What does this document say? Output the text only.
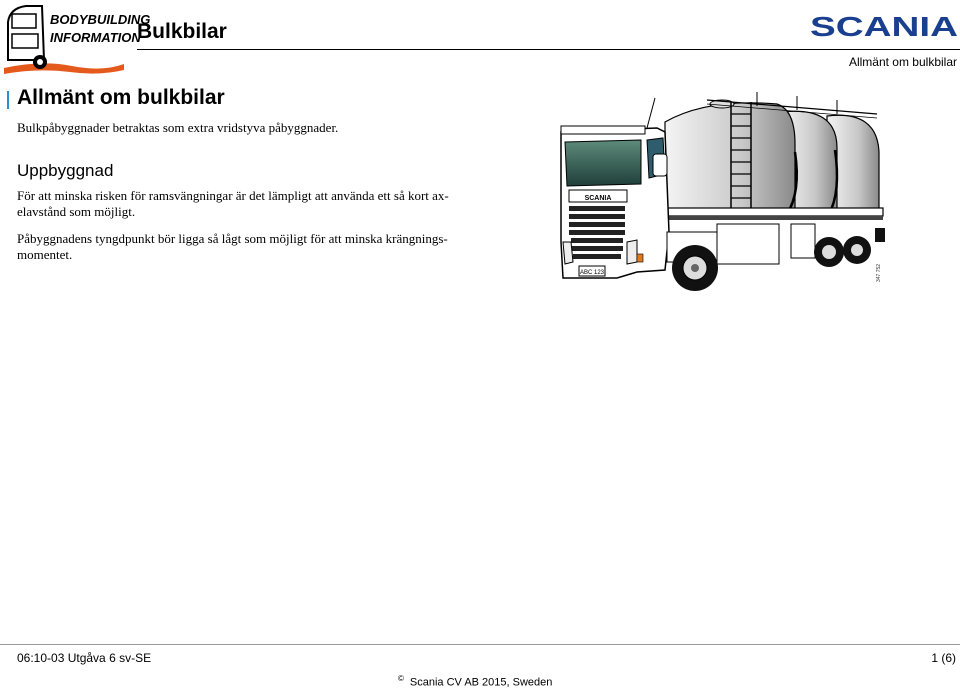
BODYBUILDING
INFORMATION
Bulkbilar	SCANIA
Allmänt om bulkbilar
Allmänt om bulkbilar
Bulkpåbyggnader betraktas som extra vridstyva påbyggnader.
Uppbyggnad
För att minska risken för ramsvängningar är det lämpligt att använda ett så kort ax-
elavstånd som möjligt.
Påbyggnadens tyngdpunkt bör ligga så lågt som möjligt för att minska krängnings-
momentet.
SCANIA
ABC 123	347 752
06:10-03 Utgåva 6 sv-SE	1 (6)
© Scania CV AB 2015, Sweden
